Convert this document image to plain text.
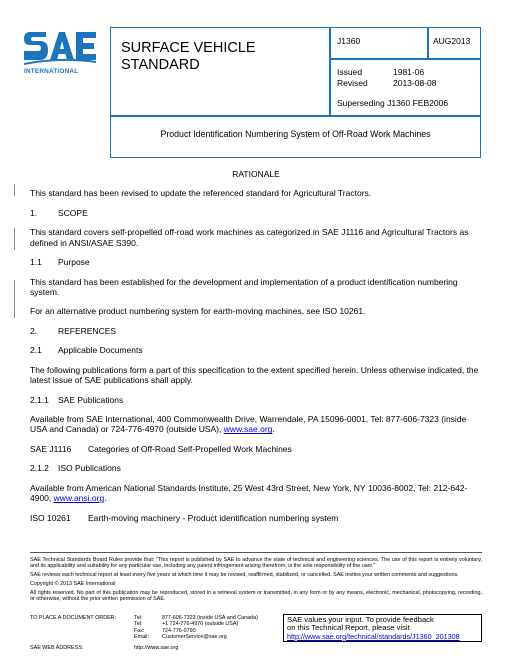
INTERNATIONAL
SURFACE VEHICLE
STANDARD
J1360	AUG2013
Issued	1981-06
Revised	2013-08-08
Superseding J1360 FEB2006
Product Identification Numbering System of Off-Road Work Machines
RATIONALE

This standard has been revised to update the referenced standard for Agricultural Tractors.

1. SCOPE

This standard covers self-propelled off-road work machines as categorized in SAE J1116 and Agricultural Tractors as defined in ANSI/ASAE S390.

1.1 Purpose

This standard has been established for the development and implementation of a product identification numbering system.

For an alternative product numbering system for earth-moving machines, see ISO 10261.

2. REFERENCES
2.1 Applicable Documents

The following publications form a part of this specification to the extent specified herein. Unless otherwise indicated, the latest issue of SAE publications shall apply.

2.1.1 SAE Publications

Available from SAE International, 400 Commonwealth Drive, Warrendale, PA 15096-0001, Tel: 877-606-7323 (inside USA and Canada) or 724-776-4970 (outside USA), www.sae.org.

SAE J1116	Categories of Off-Road Self-Propelled Work Machines
2.1.2 ISO Publications

Available from American National Standards Institute, 25 West 43rd Street, New York, NY 10036-8002, Tel: 212-642-4900, www.ansi.org.

ISO 10261	Earth-moving machinery - Product identification numbering system

SAE Technical Standards Board Rules provide that: "This report is published by SAE to advance the state of technical and engineering sciences. The use of this report is entirely voluntary, and its applicability and suitability for any particular use, including any patent infringement arising therefrom, is the sole responsibility of the user."

SAE reviews each technical report at least every five years at which time it may be revised, reaffirmed, stabilized, or cancelled. SAE invites your written comments and suggestions.

Copyright © 2013 SAE International

All rights reserved. No part of this publication may be reproduced, stored in a retrieval system or transmitted, in any form or by any means, electronic, mechanical, photocopying, recording, or otherwise, without the prior written permission of SAE.

TO PLACE A DOCUMENT ORDER:	Tel:	877-606-7323 (inside USA and Canada)
Tel:	+1 724-776-4970 (outside USA)
Fax:	724-776-0790
Email:	CustomerService@sae.org
SAE WEB ADDRESS:	http://www.sae.org
SAE values your input. To provide feedback
on this Technical Report, please visit
http://www.sae.org/technical/standards/J1360_201308
